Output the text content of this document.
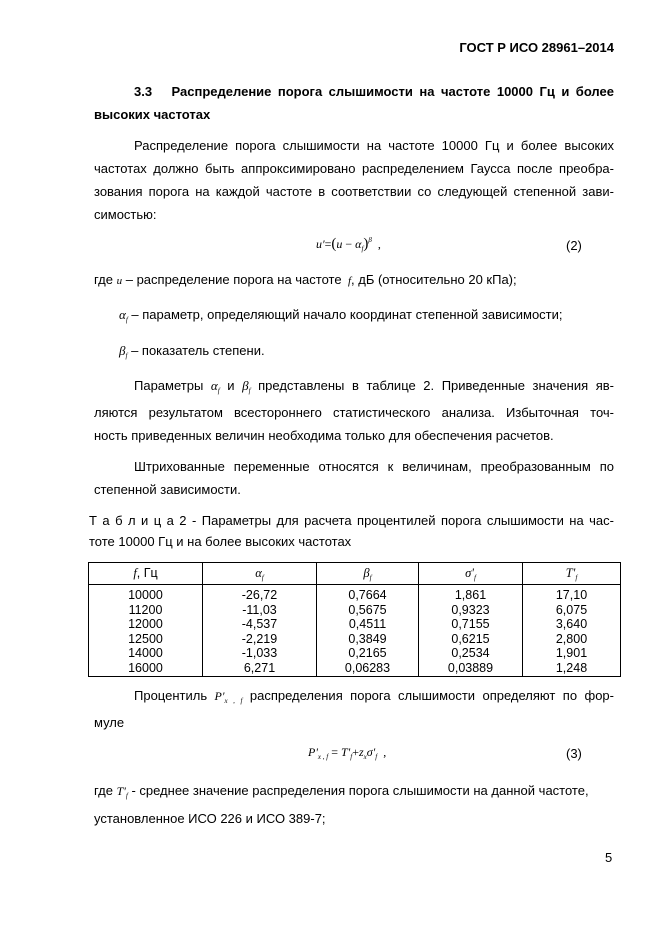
ГОСТ Р ИСО 28961–2014
3.3 Распределение порога слышимости на частоте 10000 Гц и более
высоких частотах
Распределение порога слышимости на частоте 10000 Гц и более высоких
частотах должно быть аппроксимировано распределением Гаусса после преобра-
зования порога на каждой частоте в соответствии со следующей степенной зави-
симостью:
$u'=(u - \alpha_f)^\beta$ ,	(2)
где u – распределение порога на частоте f, дБ (относительно 20 кПа);
$\alpha_f$ – параметр, определяющий начало координат степенной зависимости;
$\beta_f$ – показатель степени.
Параметры $\alpha_f$ и $\beta_f$ представлены в таблице 2. Приведенные значения яв-
ляются результатом всестороннего статистического анализа. Избыточная точ-
ность приведенных величин необходима только для обеспечения расчетов.
Штрихованные переменные относятся к величинам, преобразованным по
степенной зависимости.
Т а б л и ц а 2 - Параметры для расчета процентилей порога слышимости на час-
тоте 10000 Гц и на более высоких частотах
f, Гц	$\alpha_f$	$\beta_f$	$\sigma'_f$	$T'_f$
10000	-26,72	0,7664	1,861	17,10
11200	-11,03	0,5675	0,9323	6,075
12000	-4,537	0,4511	0,7155	3,640
12500	-2,219	0,3849	0,6215	2,800
14000	-1,033	0,2165	0,2534	1,901
16000	6,271	0,06283	0,03889	1,248
Процентиль $P'_{x , f}$ распределения порога слышимости определяют по фор-
муле
$P'_{x , f} = T'_f+z_x\sigma'_f$ ,	(3)
где $T'_f$ - среднее значение распределения порога слышимости на данной частоте,
установленное ИСО 226 и ИСО 389-7;
5
